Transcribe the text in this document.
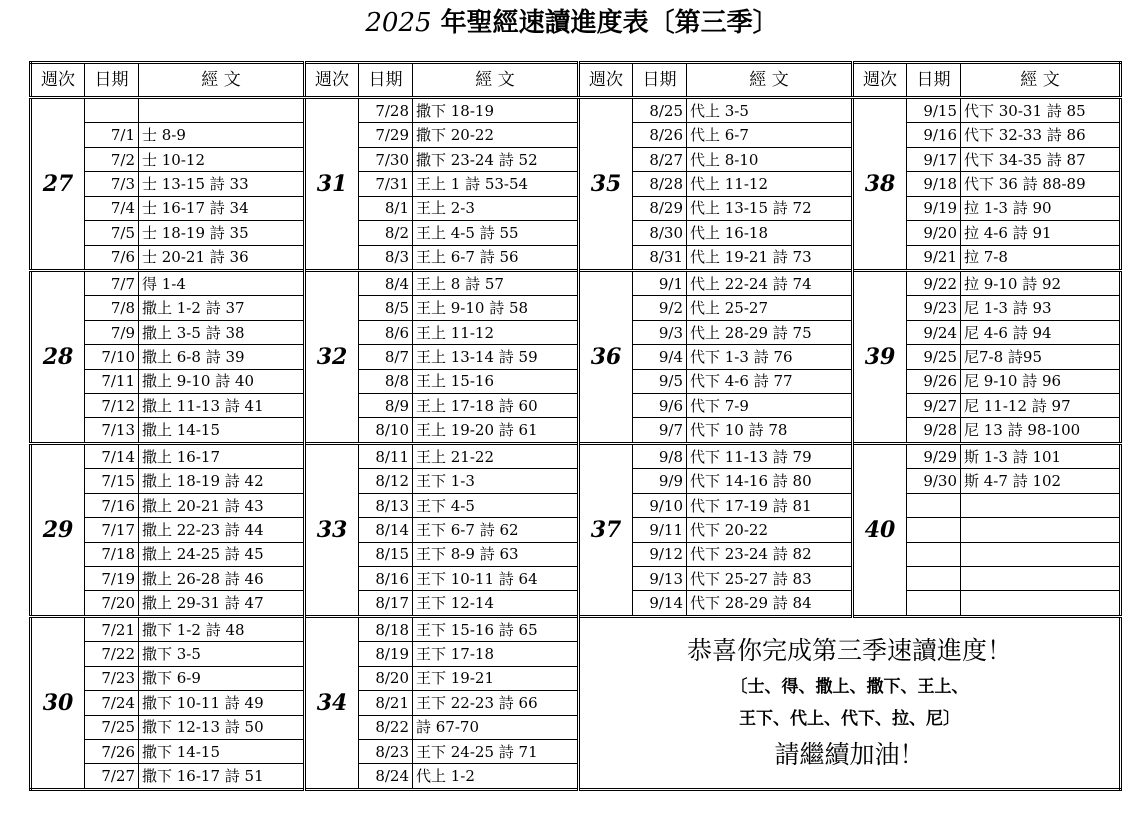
2025 年聖經速讀進度表〔第三季〕
週次	日期	經 文	週次	日期	經 文	週次	日期	經 文	週次	日期	經 文
27			31	7/28	撒下 18-19	35	8/25	代上 3-5	38	9/15	代下 30-31 詩 85
	7/1	士 8-9		7/29	撒下 20-22		8/26	代上 6-7		9/16	代下 32-33 詩 86
	7/2	士 10-12		7/30	撒下 23-24 詩 52		8/27	代上 8-10		9/17	代下 34-35 詩 87
	7/3	士 13-15 詩 33		7/31	王上 1 詩 53-54		8/28	代上 11-12		9/18	代下 36 詩 88-89
	7/4	士 16-17 詩 34		8/1	王上 2-3		8/29	代上 13-15 詩 72		9/19	拉 1-3 詩 90
	7/5	士 18-19 詩 35		8/2	王上 4-5 詩 55		8/30	代上 16-18		9/20	拉 4-6 詩 91
	7/6	士 20-21 詩 36		8/3	王上 6-7 詩 56		8/31	代上 19-21 詩 73		9/21	拉 7-8
28	7/7	得 1-4	32	8/4	王上 8 詩 57	36	9/1	代上 22-24 詩 74	39	9/22	拉 9-10 詩 92
	7/8	撒上 1-2 詩 37		8/5	王上 9-10 詩 58		9/2	代上 25-27		9/23	尼 1-3 詩 93
	7/9	撒上 3-5 詩 38		8/6	王上 11-12		9/3	代上 28-29 詩 75		9/24	尼 4-6 詩 94
	7/10	撒上 6-8 詩 39		8/7	王上 13-14 詩 59		9/4	代下 1-3 詩 76		9/25	尼7-8 詩95
	7/11	撒上 9-10 詩 40		8/8	王上 15-16		9/5	代下 4-6 詩 77		9/26	尼 9-10 詩 96
	7/12	撒上 11-13 詩 41		8/9	王上 17-18 詩 60		9/6	代下 7-9		9/27	尼 11-12 詩 97
	7/13	撒上 14-15		8/10	王上 19-20 詩 61		9/7	代下 10 詩 78		9/28	尼 13 詩 98-100
29	7/14	撒上 16-17	33	8/11	王上 21-22	37	9/8	代下 11-13 詩 79	40	9/29	斯 1-3 詩 101
	7/15	撒上 18-19 詩 42		8/12	王下 1-3		9/9	代下 14-16 詩 80		9/30	斯 4-7 詩 102
	7/16	撒上 20-21 詩 43		8/13	王下 4-5		9/10	代下 17-19 詩 81			
	7/17	撒上 22-23 詩 44		8/14	王下 6-7 詩 62		9/11	代下 20-22			
	7/18	撒上 24-25 詩 45		8/15	王下 8-9 詩 63		9/12	代下 23-24 詩 82			
	7/19	撒上 26-28 詩 46		8/16	王下 10-11 詩 64		9/13	代下 25-27 詩 83			
	7/20	撒上 29-31 詩 47		8/17	王下 12-14		9/14	代下 28-29 詩 84			
30	7/21	撒下 1-2 詩 48	34	8/18	王下 15-16 詩 65	恭喜你完成第三季速讀進度！
〔士、得、撒上、撒下、王上、
王下、代上、代下、拉、尼〕
請繼續加油！					

	7/22	撒下 3-5		8/19	王下 17-18						
	7/23	撒下 6-9		8/20	王下 19-21						
	7/24	撒下 10-11 詩 49		8/21	王下 22-23 詩 66						
	7/25	撒下 12-13 詩 50		8/22	詩 67-70						
	7/26	撒下 14-15		8/23	王下 24-25 詩 71						
	7/27	撒下 16-17 詩 51		8/24	代上 1-2						
